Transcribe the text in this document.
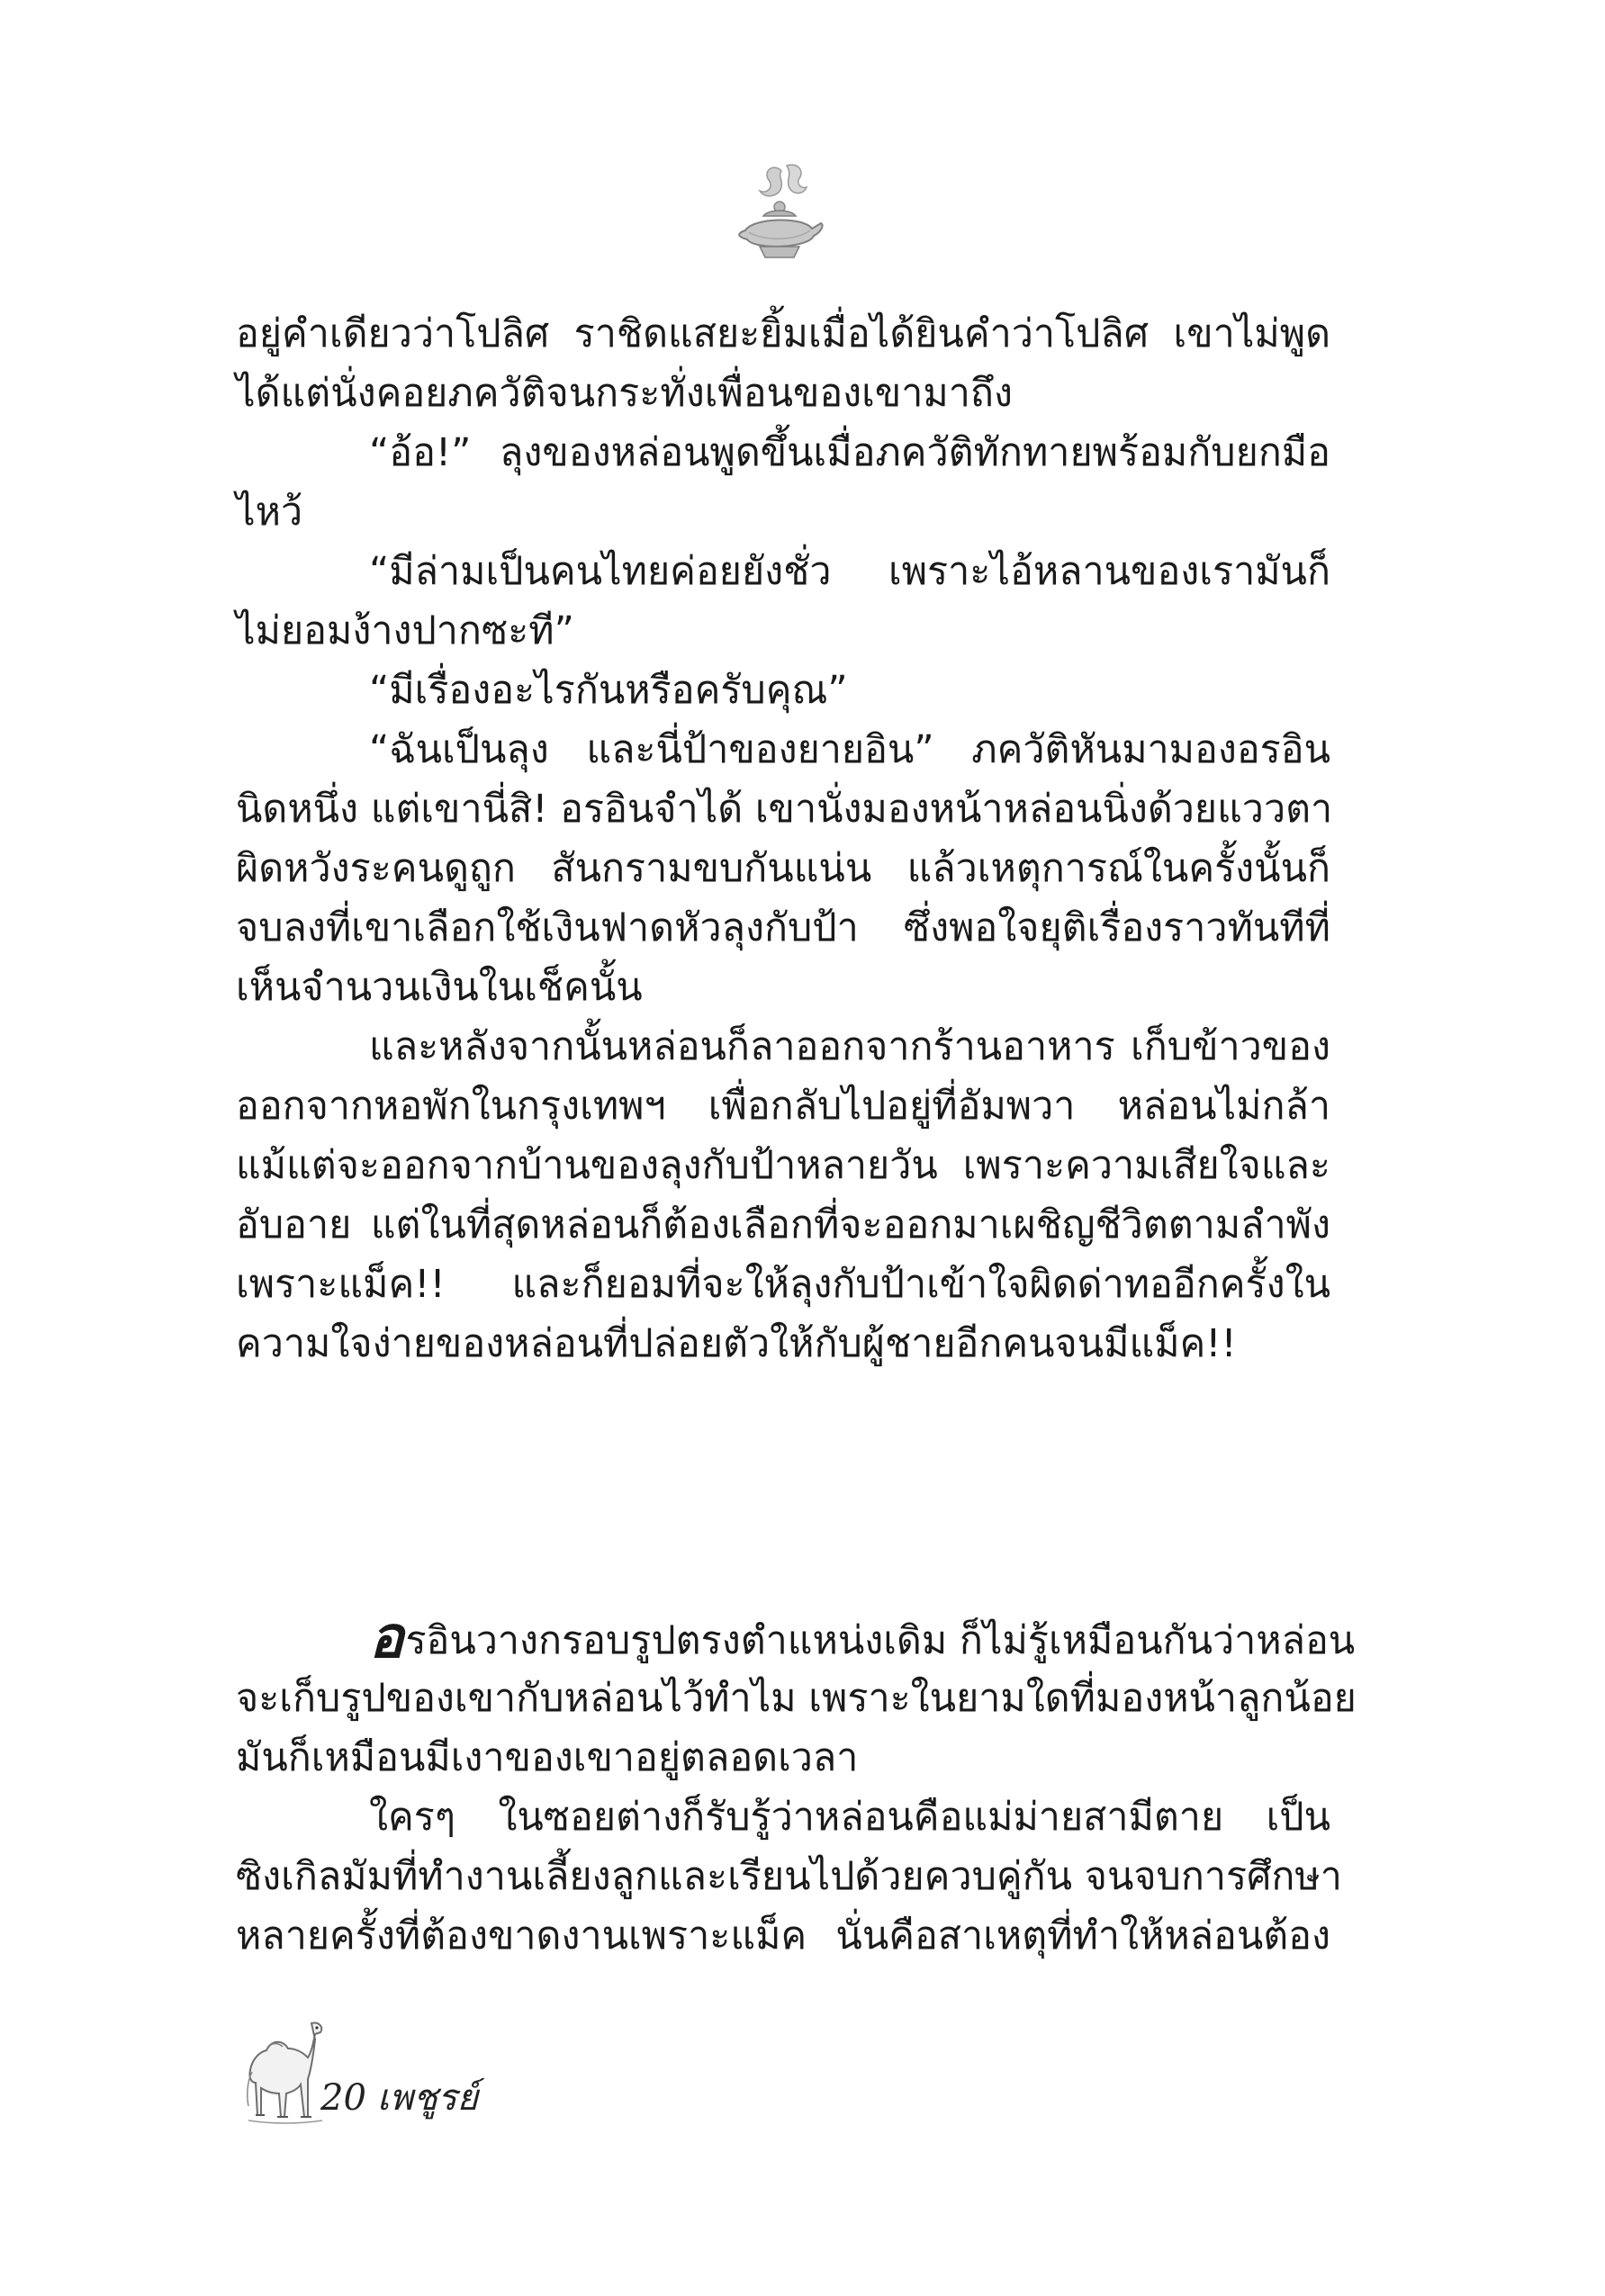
อยู่คำเดียวว่าโปลิศ ราชิดแสยะยิ้มเมื่อได้ยินคำว่าโปลิศ เขาไม่พูด
ได้แต่นั่งคอยภควัติจนกระทั่งเพื่อนของเขามาถึง
“อ้อ!” ลุงของหล่อนพูดขึ้นเมื่อภควัติทักทายพร้อมกับยกมือ
ไหว้
“มีล่ามเป็นคนไทยค่อยยังชั่ว เพราะไอ้หลานของเรามันก็
ไม่ยอมง้างปากซะที”
“มีเรื่องอะไรกันหรือครับคุณ”
“ฉันเป็นลุง และนี่ป้าของยายอิน” ภควัติหันมามองอรอิน
นิดหนึ่ง แต่เขานี่สิ! อรอินจำได้ เขานั่งมองหน้าหล่อนนิ่งด้วยแววตา
ผิดหวังระคนดูถูก สันกรามขบกันแน่น แล้วเหตุการณ์ในครั้งนั้นก็
จบลงที่เขาเลือกใช้เงินฟาดหัวลุงกับป้า ซึ่งพอใจยุติเรื่องราวทันทีที่
เห็นจำนวนเงินในเช็คนั้น
และหลังจากนั้นหล่อนก็ลาออกจากร้านอาหาร เก็บข้าวของ
ออกจากหอพักในกรุงเทพฯ เพื่อกลับไปอยู่ที่อัมพวา หล่อนไม่กล้า
แม้แต่จะออกจากบ้านของลุงกับป้าหลายวัน เพราะความเสียใจและ
อับอาย แต่ในที่สุดหล่อนก็ต้องเลือกที่จะออกมาเผชิญชีวิตตามลำพัง
เพราะแม็ค!! และก็ยอมที่จะให้ลุงกับป้าเข้าใจผิดด่าทออีกครั้งใน
ความใจง่ายของหล่อนที่ปล่อยตัวให้กับผู้ชายอีกคนจนมีแม็ค!!
อรอินวางกรอบรูปตรงตำแหน่งเดิม ก็ไม่รู้เหมือนกันว่าหล่อน
จะเก็บรูปของเขากับหล่อนไว้ทำไม เพราะในยามใดที่มองหน้าลูกน้อย
มันก็เหมือนมีเงาของเขาอยู่ตลอดเวลา
ใครๆ ในซอยต่างก็รับรู้ว่าหล่อนคือแม่ม่ายสามีตาย เป็น
ซิงเกิลมัมที่ทำงานเลี้ยงลูกและเรียนไปด้วยควบคู่กัน จนจบการศึกษา
หลายครั้งที่ต้องขาดงานเพราะแม็ค นั่นคือสาเหตุที่ทำให้หล่อนต้อง
20 เพชูรย์
